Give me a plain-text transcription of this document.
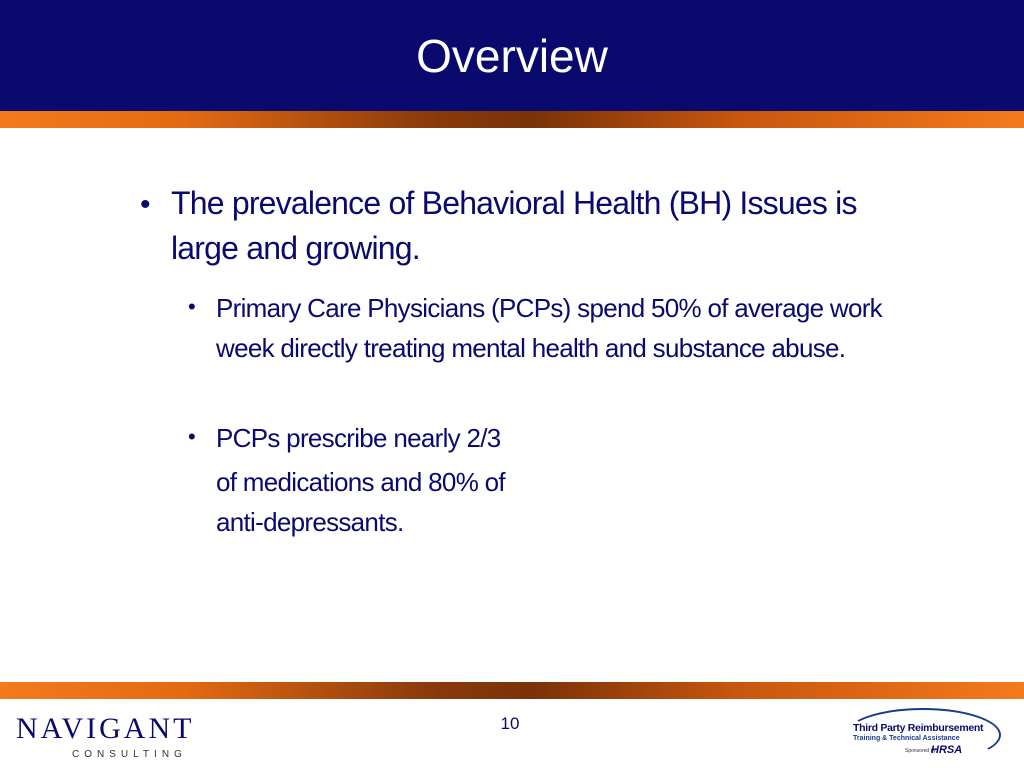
Overview
• The prevalence of Behavioral Health (BH) Issues is large and growing.
• Primary Care Physicians (PCPs) spend 50% of average work week directly treating mental health and substance abuse.
• PCPs prescribe nearly 2/3
of medications and 80% of
anti-depressants.
NAVIGANT
CONSULTING
10	Third Party Reimbursement
Training & Technical Assistance
Sponsored by
HRSA
